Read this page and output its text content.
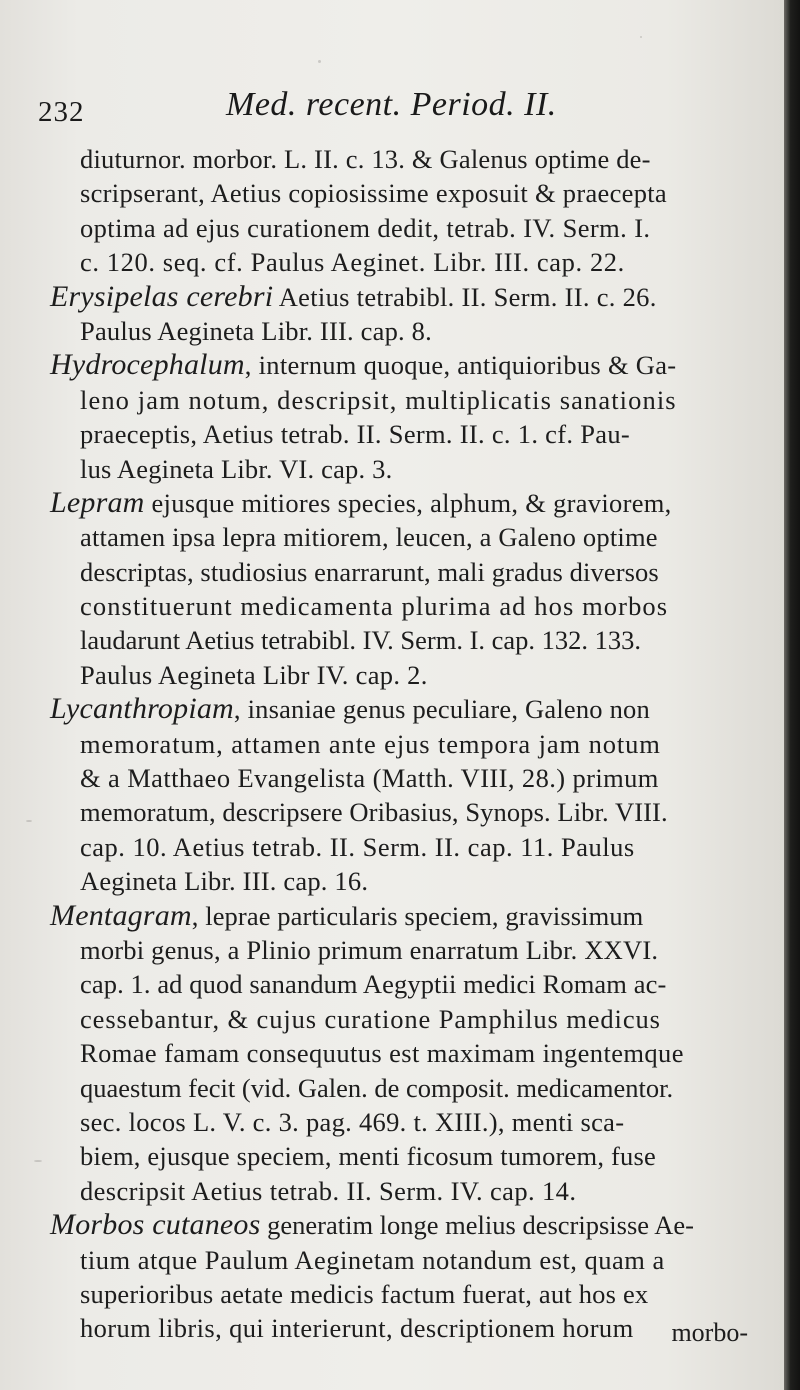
232	Med. recent. Period. II.
diuturnor. morbor. L. II. c. 13. & Galenus optime de-
scripserant, Aetius copiosissime exposuit & praecepta
optima ad ejus curationem dedit, tetrab. IV. Serm. I.
c. 120. seq. cf. Paulus Aeginet. Libr. III. cap. 22.
Erysipelas cerebri Aetius tetrabibl. II. Serm. II. c. 26.
Paulus Aegineta Libr. III. cap. 8.
Hydrocephalum, internum quoque, antiquioribus & Ga-
leno jam notum, descripsit, multiplicatis sanationis
praeceptis, Aetius tetrab. II. Serm. II. c. 1. cf. Pau-
lus Aegineta Libr. VI. cap. 3.
Lepram ejusque mitiores species, alphum, & graviorem,
attamen ipsa lepra mitiorem, leucen, a Galeno optime
descriptas, studiosius enarrarunt, mali gradus diversos
constituerunt medicamenta plurima ad hos morbos
laudarunt Aetius tetrabibl. IV. Serm. I. cap. 132. 133.
Paulus Aegineta Libr IV. cap. 2.
Lycanthropiam, insaniae genus peculiare, Galeno non
memoratum, attamen ante ejus tempora jam notum
& a Matthaeo Evangelista (Matth. VIII, 28.) primum
memoratum, descripsere Oribasius, Synops. Libr. VIII.
cap. 10. Aetius tetrab. II. Serm. II. cap. 11. Paulus
Aegineta Libr. III. cap. 16.
Mentagram, leprae particularis speciem, gravissimum
morbi genus, a Plinio primum enarratum Libr. XXVI.
cap. 1. ad quod sanandum Aegyptii medici Romam ac-
cessebantur, & cujus curatione Pamphilus medicus
Romae famam consequutus est maximam ingentemque
quaestum fecit (vid. Galen. de composit. medicamentor.
sec. locos L. V. c. 3. pag. 469. t. XIII.), menti sca-
biem, ejusque speciem, menti ficosum tumorem, fuse
descripsit Aetius tetrab. II. Serm. IV. cap. 14.
Morbos cutaneos generatim longe melius descripsisse Ae-
tium atque Paulum Aeginetam notandum est, quam a
superioribus aetate medicis factum fuerat, aut hos ex
horum libris, qui interierunt, descriptionem horum	morbo-
